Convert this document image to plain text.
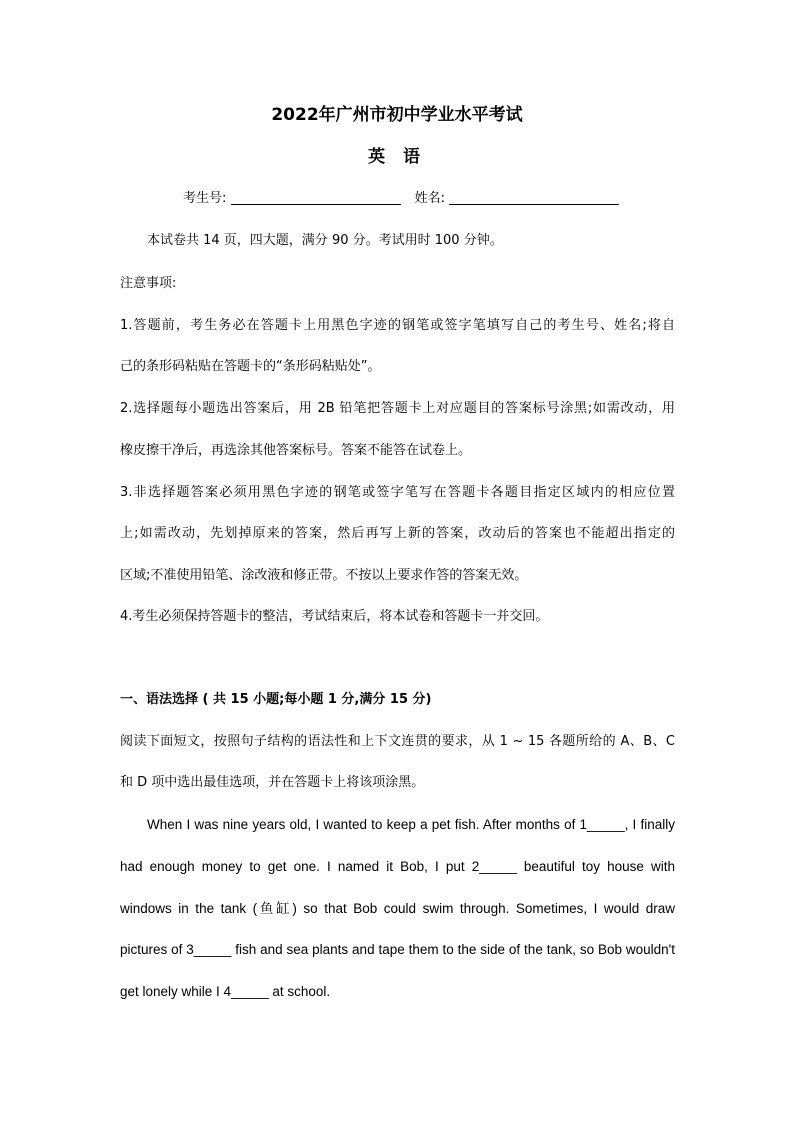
2022年广州市初中学业水平考试
英 语
考生号:	姓名:
本试卷共 14 页，四大题，满分 90 分。考试用时 100 分钟。
注意事项:
1.答题前，考生务必在答题卡上用黑色字迹的钢笔或签字笔填写自己的考生号、姓名;将自
己的条形码粘贴在答题卡的“条形码粘贴处”。
2.选择题每小题选出答案后，用 2B 铅笔把答题卡上对应题目的答案标号涂黑;如需改动，用
橡皮擦干净后，再选涂其他答案标号。答案不能答在试卷上。
3.非选择题答案必须用黑色字迹的钢笔或签字笔写在答题卡各题目指定区域内的相应位置
上;如需改动，先划掉原来的答案，然后再写上新的答案，改动后的答案也不能超出指定的
区域;不准使用铅笔、涂改液和修正带。不按以上要求作答的答案无效。
4.考生必须保持答题卡的整洁，考试结束后，将本试卷和答题卡一并交回。
一、语法选择 ( 共 15 小题;每小题 1 分,满分 15 分)
阅读下面短文，按照句子结构的语法性和上下文连贯的要求，从 1 ~ 15 各题所给的 A、B、C
和 D 项中选出最佳选项，并在答题卡上将该项涂黑。
When I was nine years old, I wanted to keep a pet fish. After months of 1_____, I finally
had enough money to get one. I named it Bob, I put 2_____ beautiful toy house with
windows in the tank (鱼缸) so that Bob could swim through. Sometimes, I would draw
pictures of 3_____ fish and sea plants and tape them to the side of the tank, so Bob wouldn't
get lonely while I 4_____ at school.
